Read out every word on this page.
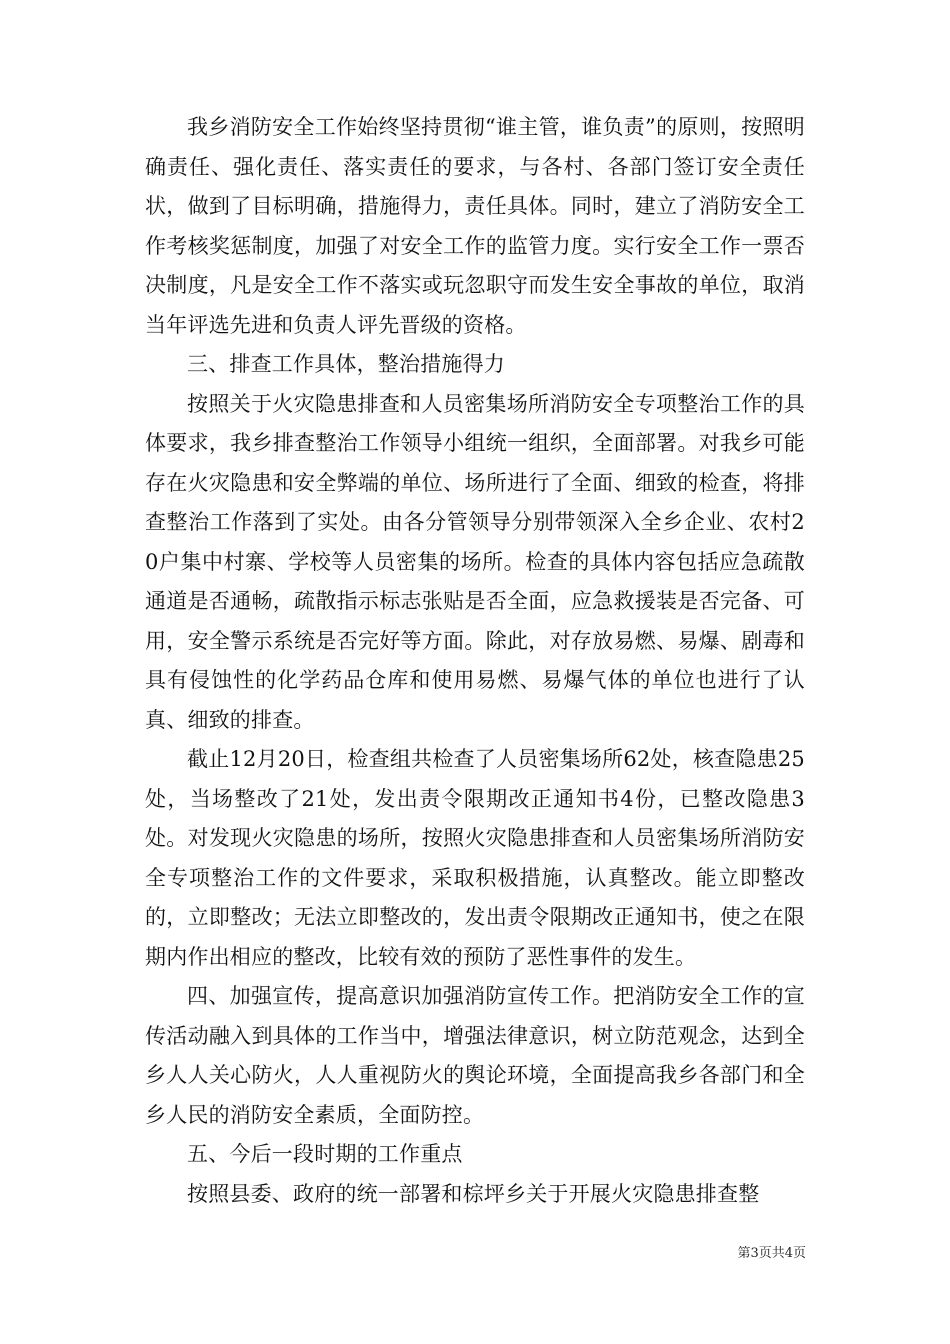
我乡消防安全工作始终坚持贯彻“谁主管，谁负责”的原则，按照明确责任、强化责任、落实责任的要求，与各村、各部门签订安全责任状，做到了目标明确，措施得力，责任具体。同时，建立了消防安全工作考核奖惩制度，加强了对安全工作的监管力度。实行安全工作一票否决制度，凡是安全工作不落实或玩忽职守而发生安全事故的单位，取消当年评选先进和负责人评先晋级的资格。

三、排查工作具体，整治措施得力

按照关于火灾隐患排查和人员密集场所消防安全专项整治工作的具体要求，我乡排查整治工作领导小组统一组织，全面部署。对我乡可能存在火灾隐患和安全弊端的单位、场所进行了全面、细致的检查，将排查整治工作落到了实处。由各分管领导分别带领深入全乡企业、农村20户集中村寨、学校等人员密集的场所。检查的具体内容包括应急疏散通道是否通畅，疏散指示标志张贴是否全面，应急救援装是否完备、可用，安全警示系统是否完好等方面。除此，对存放易燃、易爆、剧毒和具有侵蚀性的化学药品仓库和使用易燃、易爆气体的单位也进行了认真、细致的排查。

截止12月20日，检查组共检查了人员密集场所62处，核查隐患25处，当场整改了21处，发出责令限期改正通知书4份，已整改隐患3处。对发现火灾隐患的场所，按照火灾隐患排查和人员密集场所消防安全专项整治工作的文件要求，采取积极措施，认真整改。能立即整改的，立即整改；无法立即整改的，发出责令限期改正通知书，使之在限期内作出相应的整改，比较有效的预防了恶性事件的发生。

四、加强宣传，提高意识加强消防宣传工作。把消防安全工作的宣传活动融入到具体的工作当中，增强法律意识，树立防范观念，达到全乡人人关心防火，人人重视防火的舆论环境，全面提高我乡各部门和全乡人民的消防安全素质，全面防控。

五、今后一段时期的工作重点

按照县委、政府的统一部署和棕坪乡关于开展火灾隐患排查整

第3页共4页
